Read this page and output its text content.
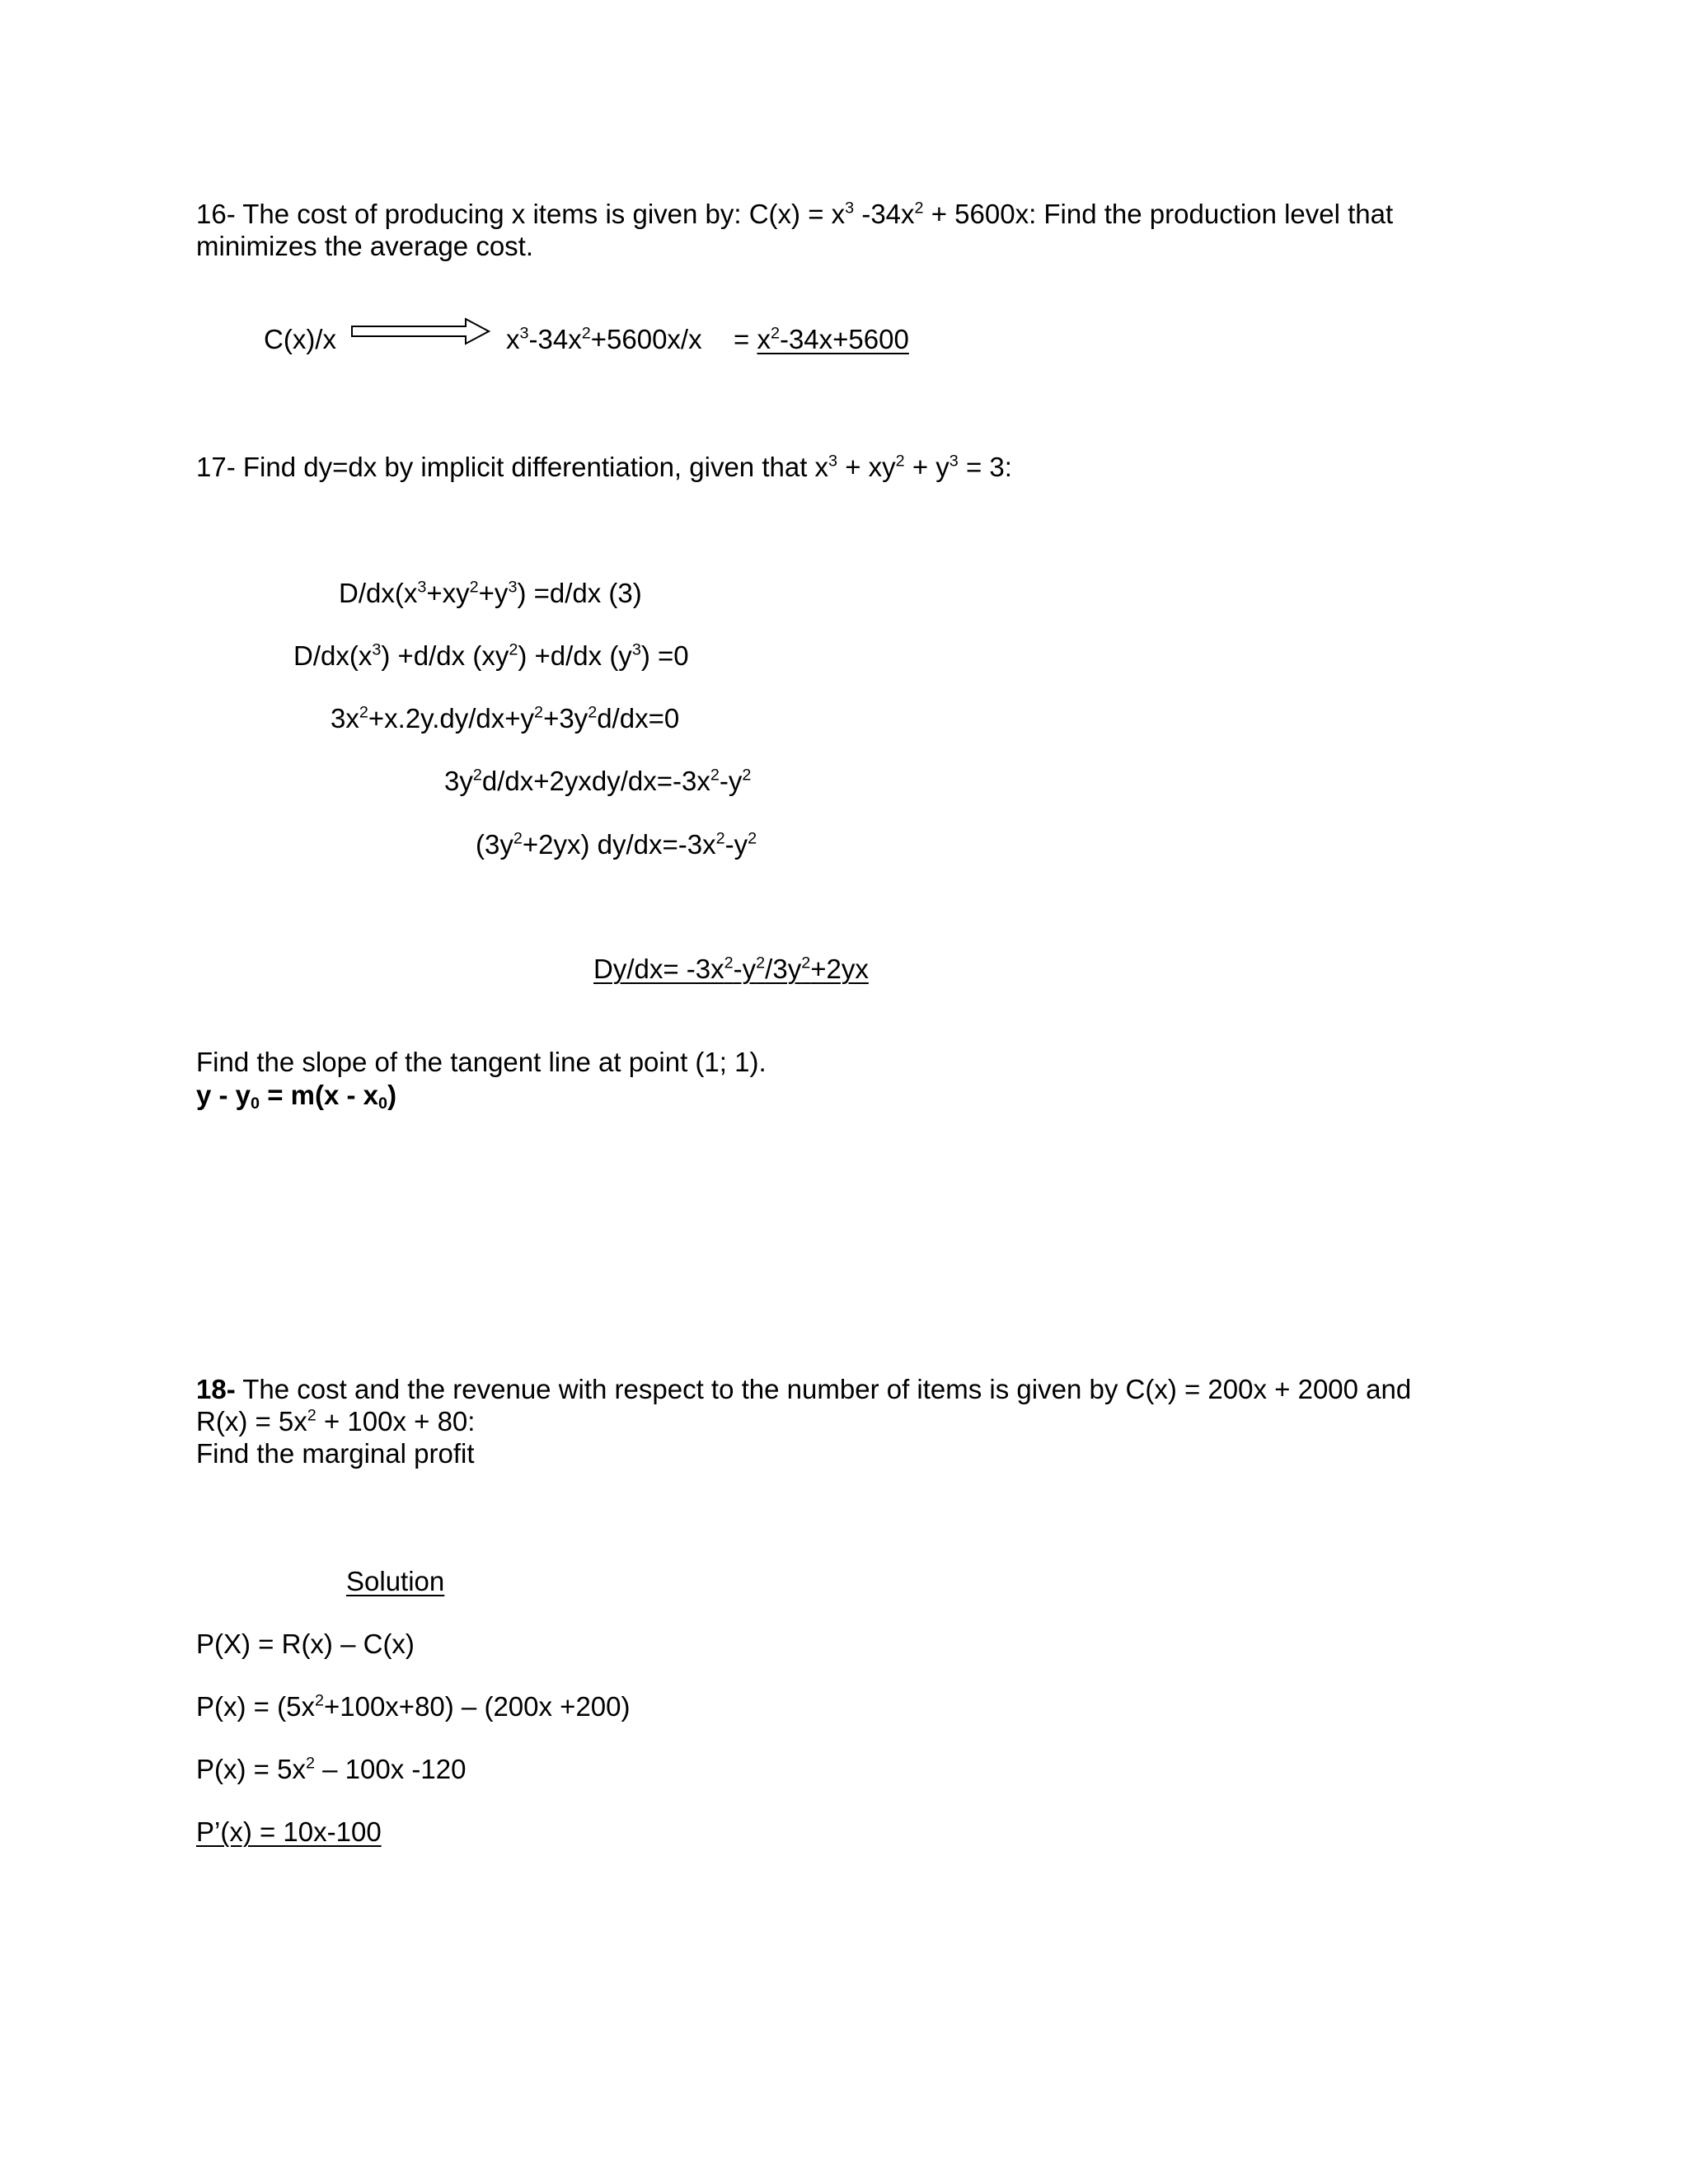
16- The cost of producing x items is given by: $C(x) = x^3$ $-34x^2 + 5600x$: Find the production level that
minimizes the average cost.
C(x)/x	$x^3-34x^2+5600x/x = x^2-34x+5600$
17- Find dy=dx by implicit differentiation, given that $x^3 + xy^2 + y^3 = 3$:
$D/dx(x^3+xy^2+y^3) =d/dx$ (3)
$D/dx(x^3) +d/dx$ $(xy^2) +d/dx$ $(y^3) =0$
$3x^2+x.2y.dy/dx+y^2+3y^2d/dx=0$
$3y^2d/dx+2yxdy/dx=-3x^2-y^2$
$(3y^2+2yx)$ $dy/dx=-3x^2-y^2$
$Dy/dx= -3x^2-y^2/3y^2+2yx$
Find the slope of the tangent line at point (1; 1).
$y - y_0 = m(x - x_0)$
18- The cost and the revenue with respect to the number of items is given by C(x) = 200x + 2000 and
$R(x) = 5x^2 + 100x + 80$:
Find the marginal profit
Solution
P(X) = R(x) – C(x)
$P(x) = (5x^2+100x+80) - (200x +200)$
$P(x) = 5x^2 - 100x$ -120
P’(x) = 10x-100
